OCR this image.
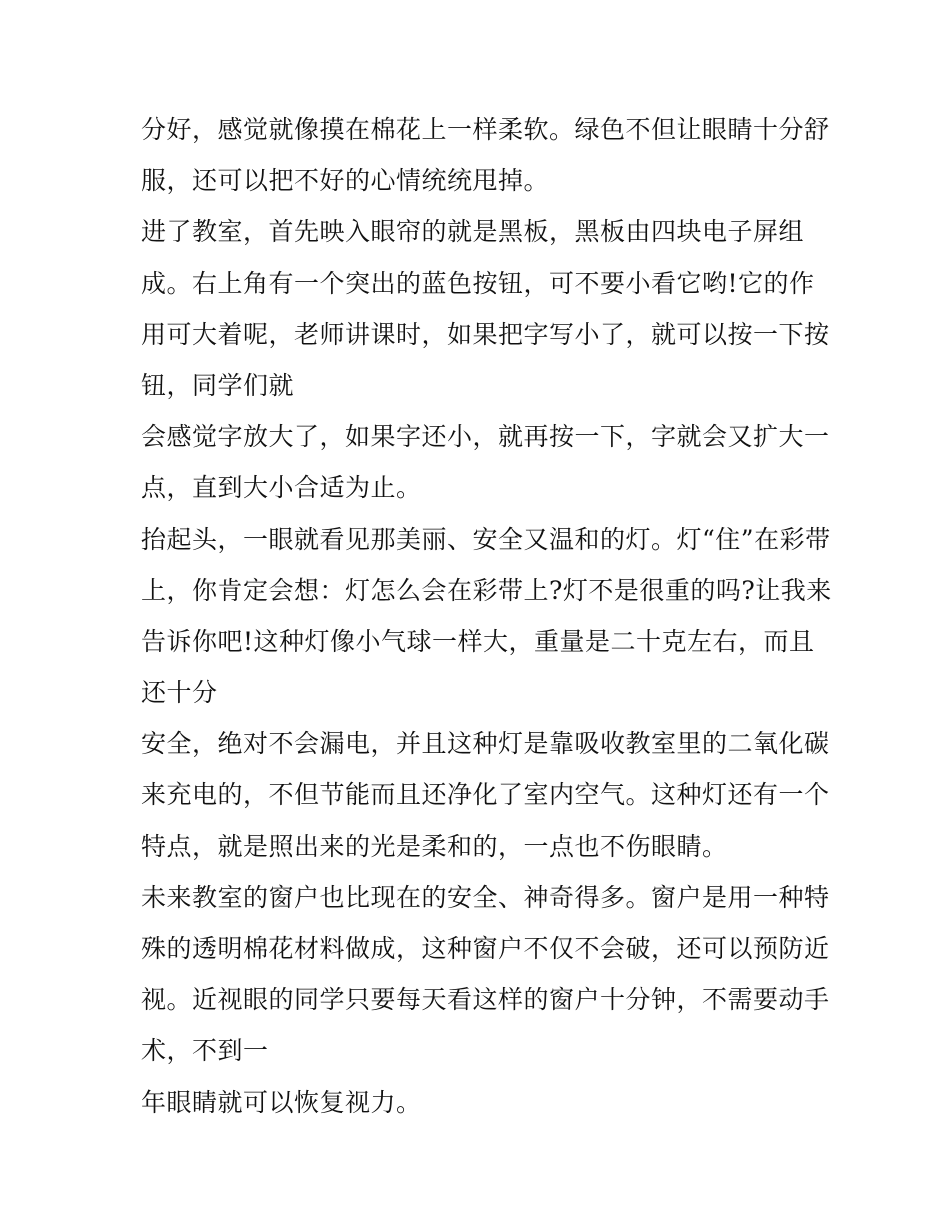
分好，感觉就像摸在棉花上一样柔软。绿色不但让眼睛十分舒
服，还可以把不好的心情统统甩掉。
进了教室，首先映入眼帘的就是黑板，黑板由四块电子屏组
成。右上角有一个突出的蓝色按钮，可不要小看它哟!它的作
用可大着呢，老师讲课时，如果把字写小了，就可以按一下按
钮，同学们就
会感觉字放大了，如果字还小，就再按一下，字就会又扩大一
点，直到大小合适为止。
抬起头，一眼就看见那美丽、安全又温和的灯。灯“住”在彩带
上，你肯定会想：灯怎么会在彩带上?灯不是很重的吗?让我来
告诉你吧!这种灯像小气球一样大，重量是二十克左右，而且
还十分
安全，绝对不会漏电，并且这种灯是靠吸收教室里的二氧化碳
来充电的，不但节能而且还净化了室内空气。这种灯还有一个
特点，就是照出来的光是柔和的，一点也不伤眼睛。
未来教室的窗户也比现在的安全、神奇得多。窗户是用一种特
殊的透明棉花材料做成，这种窗户不仅不会破，还可以预防近
视。近视眼的同学只要每天看这样的窗户十分钟，不需要动手
术，不到一
年眼睛就可以恢复视力。
